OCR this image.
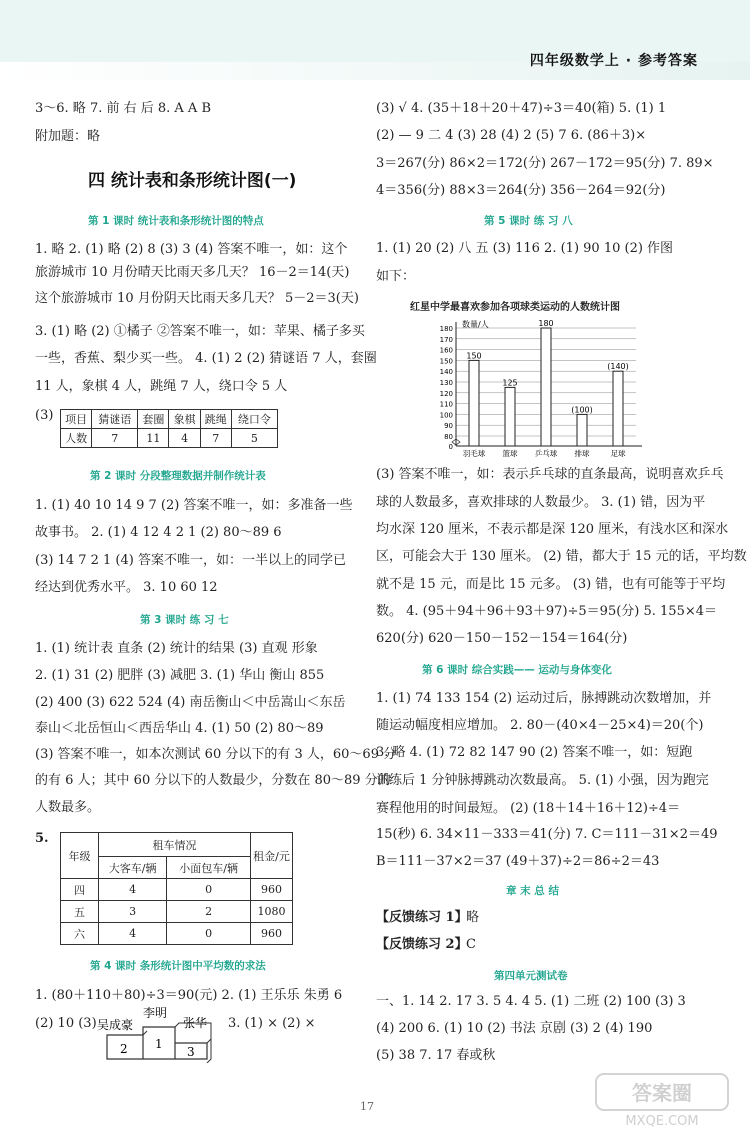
四年级数学上 · 参考答案
3～6. 略 7. 前 右 后 8. A A B
附加题：略
四 统计表和条形统计图(一)
第 1 课时 统计表和条形统计图的特点
1. 略 2. (1) 略 (2) 8 (3) 3 (4) 答案不唯一，如：这个
旅游城市 10 月份晴天比雨天多几天？ 16－2＝14(天)
这个旅游城市 10 月份阴天比雨天多几天？ 5－2＝3(天)
3. (1) 略 (2) ①橘子 ②答案不唯一，如：苹果、橘子多买
一些，香蕉、梨少买一些。 4. (1) 2 (2) 猜谜语 7 人，套圈
11 人，象棋 4 人，跳绳 7 人，绕口令 5 人
(3) 项目	猜谜语	套圈	象棋	跳绳	绕口令
人数	7	11	4	7	5
第 2 课时 分段整理数据并制作统计表
1. (1) 40 10 14 9 7 (2) 答案不唯一，如：多准备一些
故事书。 2. (1) 4 12 4 2 1 (2) 80～89 6
(3) 14 7 2 1 (4) 答案不唯一，如：一半以上的同学已
经达到优秀水平。 3. 10 60 12
第 3 课时 练 习 七
1. (1) 统计表 直条 (2) 统计的结果 (3) 直观 形象
2. (1) 31 (2) 肥胖 (3) 减肥 3. (1) 华山 衡山 855
(2) 400 (3) 622 524 (4) 南岳衡山＜中岳嵩山＜东岳
泰山＜北岳恒山＜西岳华山 4. (1) 50 (2) 80～89
(3) 答案不唯一，如本次测试 60 分以下的有 3 人，60～69 分
的有 6 人；其中 60 分以下的人数最少，分数在 80～89 分的
人数最多。
5.
年级	租车情况		租金/元
	大客车/辆	小面包车/辆	
四	4	0	960
五	3	2	1080
六	4	0	960
第 4 课时 条形统计图中平均数的求法
1. (80＋110＋80)÷3＝90(元) 2. (1) 王乐乐 朱勇 6
(2) 10 (3) 吴成豪
李明
张华
2 1
3
3. (1) × (2) ×
(3) √ 4. (35＋18＋20＋47)÷3＝40(箱) 5. (1) 1
(2) — 9 二 4 (3) 28 (4) 2 (5) 7 6. (86＋3)×
3＝267(分) 86×2＝172(分) 267－172＝95(分) 7. 89×
4＝356(分) 88×3＝264(分) 356－264＝92(分)
第 5 课时 练 习 八
1. (1) 20 (2) 八 五 (3) 116 2. (1) 90 10 (2) 作图
如下：
红星中学最喜欢参加各项球类运动的人数统计图
数量/人
0
80
90
100
110
120
130
140
150
160
170
180
150
羽毛球
125
篮球
180
乒乓球
(100)
排球
(140)
足球
(3) 答案不唯一，如：表示乒乓球的直条最高，说明喜欢乒乓
球的人数最多，喜欢排球的人数最少。 3. (1) 错，因为平
均水深 120 厘米，不表示都是深 120 厘米，有浅水区和深水
区，可能会大于 130 厘米。 (2) 错，都大于 15 元的话，平均数
就不是 15 元，而是比 15 元多。 (3) 错，也有可能等于平均
数。 4. (95＋94＋96＋93＋97)÷5＝95(分) 5. 155×4＝
620(分) 620－150－152－154＝164(分)
第 6 课时 综合实践—— 运动与身体变化
1. (1) 74 133 154 (2) 运动过后，脉搏跳动次数增加，并
随运动幅度相应增加。 2. 80－(40×4－25×4)＝20(个)
3. 略 4. (1) 72 82 147 90 (2) 答案不唯一，如：短跑
训练后 1 分钟脉搏跳动次数最高。 5. (1) 小强，因为跑完
赛程他用的时间最短。 (2) (18＋14＋16＋12)÷4＝
15(秒) 6. 34×11－333＝41(分) 7. C＝111－31×2＝49
B＝111－37×2＝37 (49＋37)÷2＝86÷2＝43
章 末 总 结
【反馈练习 1】
略
【反馈练习 2】
C
第四单元测试卷
一、1. 14 2. 17 3. 5 4. 4 5. (1) 二班 (2) 100 (3) 3
(4) 200 6. (1) 10 (2) 书法 京剧 (3) 2 (4) 190
(5) 38 7. 17 春或秋
17
答案圈
MXQE.COM
